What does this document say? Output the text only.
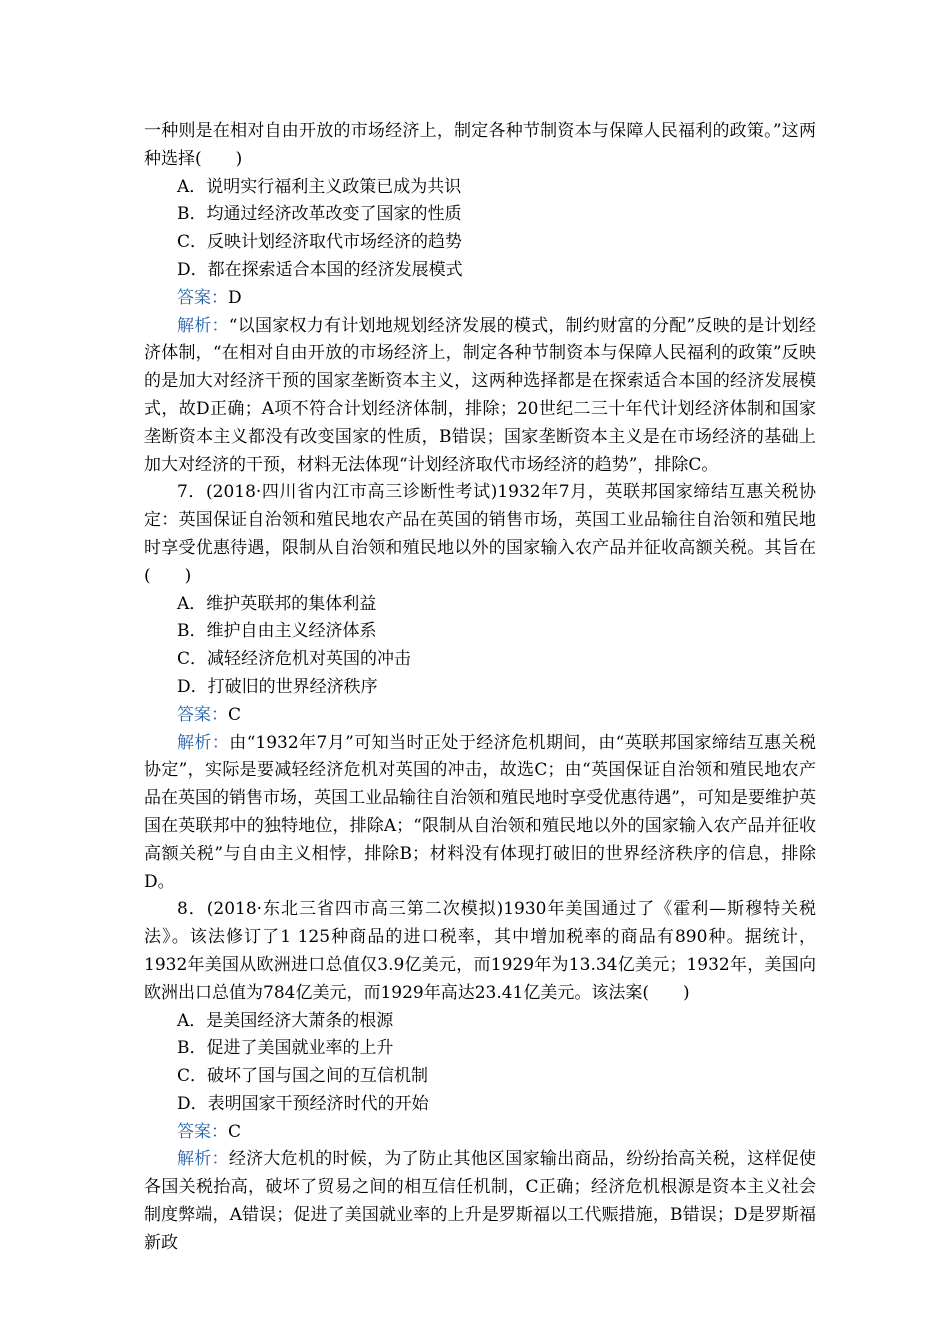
一种则是在相对自由开放的市场经济上，制定各种节制资本与保障人民福利的政策。”这两种选择(　　)

A．说明实行福利主义政策已成为共识

B．均通过经济改革改变了国家的性质

C．反映计划经济取代市场经济的趋势

D．都在探索适合本国的经济发展模式

答案：D

解析：“以国家权力有计划地规划经济发展的模式，制约财富的分配”反映的是计划经济体制，“在相对自由开放的市场经济上，制定各种节制资本与保障人民福利的政策”反映的是加大对经济干预的国家垄断资本主义，这两种选择都是在探索适合本国的经济发展模式，故D正确；A项不符合计划经济体制，排除；20世纪二三十年代计划经济体制和国家垄断资本主义都没有改变国家的性质，B错误；国家垄断资本主义是在市场经济的基础上加大对经济的干预，材料无法体现“计划经济取代市场经济的趋势”，排除C。

7．(2018·四川省内江市高三诊断性考试)1932年7月，英联邦国家缔结互惠关税协定：英国保证自治领和殖民地农产品在英国的销售市场，英国工业品输往自治领和殖民地时享受优惠待遇，限制从自治领和殖民地以外的国家输入农产品并征收高额关税。其旨在(　　)

A．维护英联邦的集体利益

B．维护自由主义经济体系

C．减轻经济危机对英国的冲击

D．打破旧的世界经济秩序

答案：C

解析：由“1932年7月”可知当时正处于经济危机期间，由“英联邦国家缔结互惠关税协定”，实际是要减轻经济危机对英国的冲击，故选C；由“英国保证自治领和殖民地农产品在英国的销售市场，英国工业品输往自治领和殖民地时享受优惠待遇”，可知是要维护英国在英联邦中的独特地位，排除A；“限制从自治领和殖民地以外的国家输入农产品并征收高额关税”与自由主义相悖，排除B；材料没有体现打破旧的世界经济秩序的信息，排除D。

8．(2018·东北三省四市高三第二次模拟)1930年美国通过了《霍利—斯穆特关税法》。该法修订了1 125种商品的进口税率，其中增加税率的商品有890种。据统计，1932年美国从欧洲进口总值仅3.9亿美元，而1929年为13.34亿美元；1932年，美国向欧洲出口总值为784亿美元，而1929年高达23.41亿美元。该法案(　　)

A．是美国经济大萧条的根源

B．促进了美国就业率的上升

C．破坏了国与国之间的互信机制

D．表明国家干预经济时代的开始

答案：C

解析：经济大危机的时候，为了防止其他区国家输出商品，纷纷抬高关税，这样促使各国关税抬高，破坏了贸易之间的相互信任机制，C正确；经济危机根源是资本主义社会制度弊端，A错误；促进了美国就业率的上升是罗斯福以工代赈措施，B错误；D是罗斯福新政
